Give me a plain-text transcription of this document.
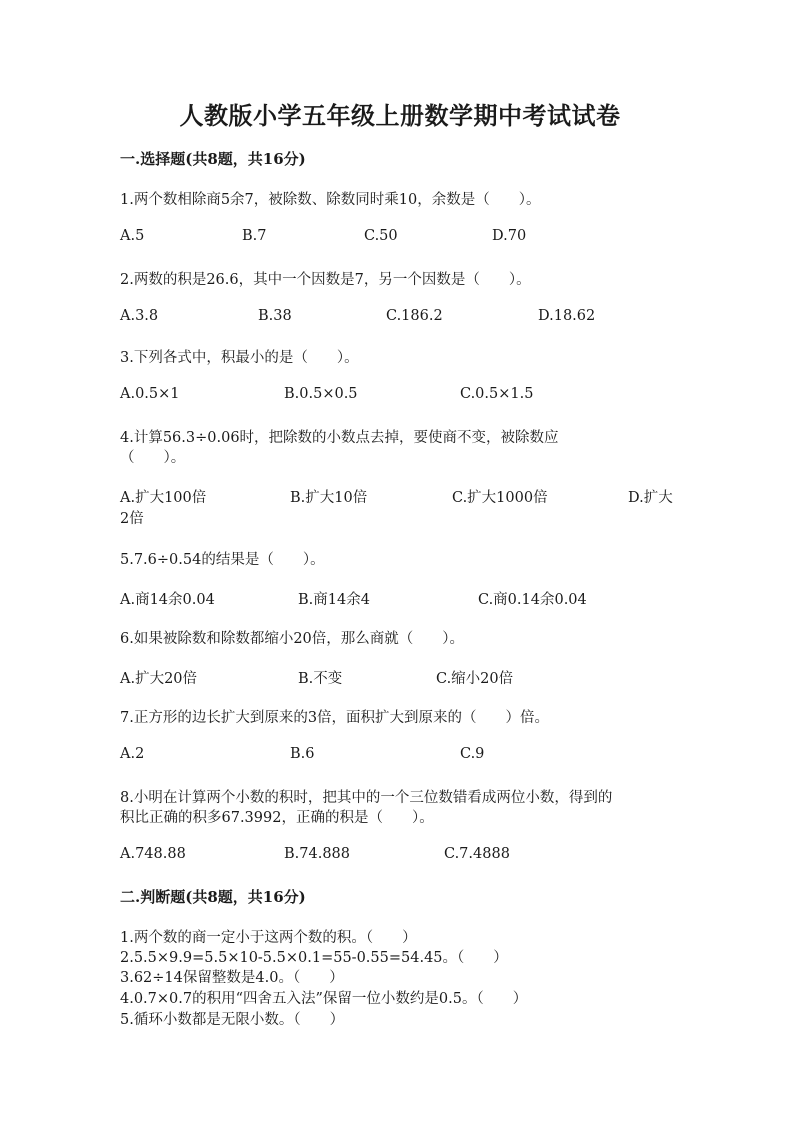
人教版小学五年级上册数学期中考试试卷
一.选择题(共8题，共16分)
1.两个数相除商5余7，被除数、除数同时乘10，余数是（　　）。
A.5	B.7	C.50	D.70
2.两数的积是26.6，其中一个因数是7，另一个因数是（　　）。
A.3.8	B.38	C.186.2	D.18.62
3.下列各式中，积最小的是（　　）。
A.0.5×1	B.0.5×0.5	C.0.5×1.5
4.计算56.3÷0.06时，把除数的小数点去掉，要使商不变，被除数应
（　　）。
A.扩大100倍	B.扩大10倍	C.扩大1000倍	D.扩大
2倍
5.7.6÷0.54的结果是（　　）。
A.商14余0.04	B.商14余4	C.商0.14余0.04
6.如果被除数和除数都缩小20倍，那么商就（　　）。
A.扩大20倍	B.不变	C.缩小20倍
7.正方形的边长扩大到原来的3倍，面积扩大到原来的（　　）倍。
A.2	B.6	C.9
8.小明在计算两个小数的积时，把其中的一个三位数错看成两位小数，得到的
积比正确的积多67.3992，正确的积是（　　）。
A.748.88	B.74.888	C.7.4888
二.判断题(共8题，共16分)
1.两个数的商一定小于这两个数的积。（　　）
2.5.5×9.9=5.5×10-5.5×0.1=55-0.55=54.45。（　　）
3.62÷14保留整数是4.0。（　　）
4.0.7×0.7的积用“四舍五入法”保留一位小数约是0.5。（　　）
5.循环小数都是无限小数。（　　）
